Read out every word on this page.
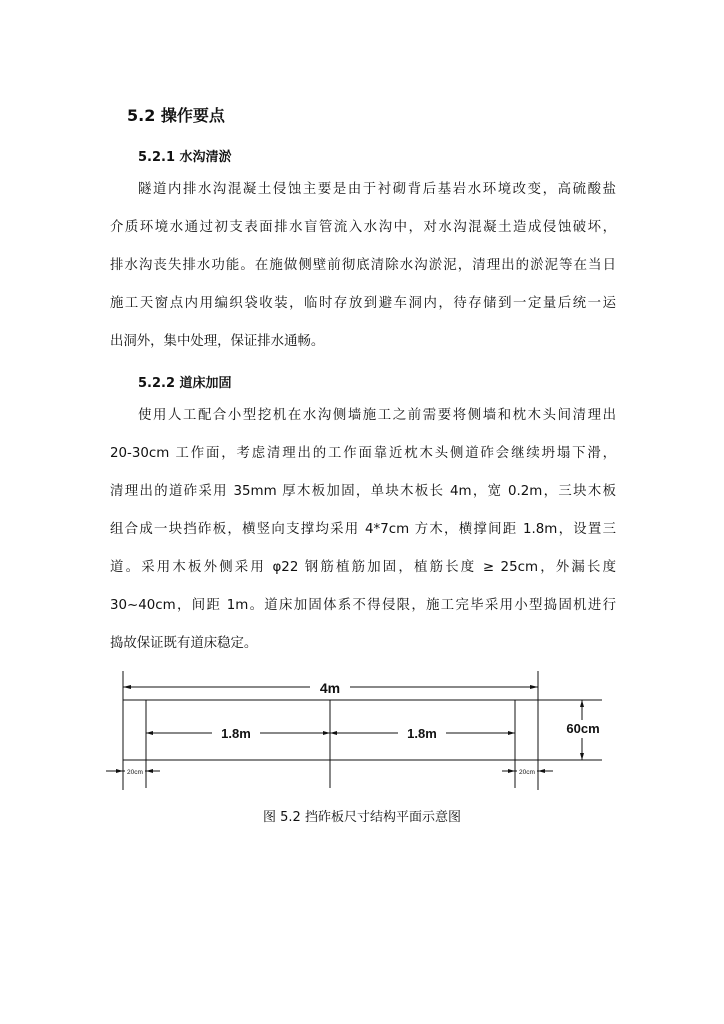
5.2 操作要点
5.2.1 水沟清淤
隧道内排水沟混凝土侵蚀主要是由于衬砌背后基岩水环境改变，高硫酸盐
介质环境水通过初支表面排水盲管流入水沟中，对水沟混凝土造成侵蚀破坏，
排水沟丧失排水功能。在施做侧壁前彻底清除水沟淤泥，清理出的淤泥等在当日
施工天窗点内用编织袋收装，临时存放到避车洞内，待存储到一定量后统一运
出洞外，集中处理，保证排水通畅。
5.2.2 道床加固
使用人工配合小型挖机在水沟侧墙施工之前需要将侧墙和枕木头间清理出
20-30cm 工作面，考虑清理出的工作面靠近枕木头侧道砟会继续坍塌下滑，
清理出的道砟采用 35mm 厚木板加固，单块木板长 4m，宽 0.2m，三块木板
组合成一块挡砟板，横竖向支撑均采用 4*7cm 方木，横撑间距 1.8m，设置三
道。采用木板外侧采用 φ22 钢筋植筋加固，植筋长度 ≥ 25cm，外漏长度
30~40cm，间距 1m。道床加固体系不得侵限，施工完毕采用小型捣固机进行
捣故保证既有道床稳定。
4m
1.8m	1.8m	60cm
20cm	20cm
图 5.2 挡砟板尺寸结构平面示意图
